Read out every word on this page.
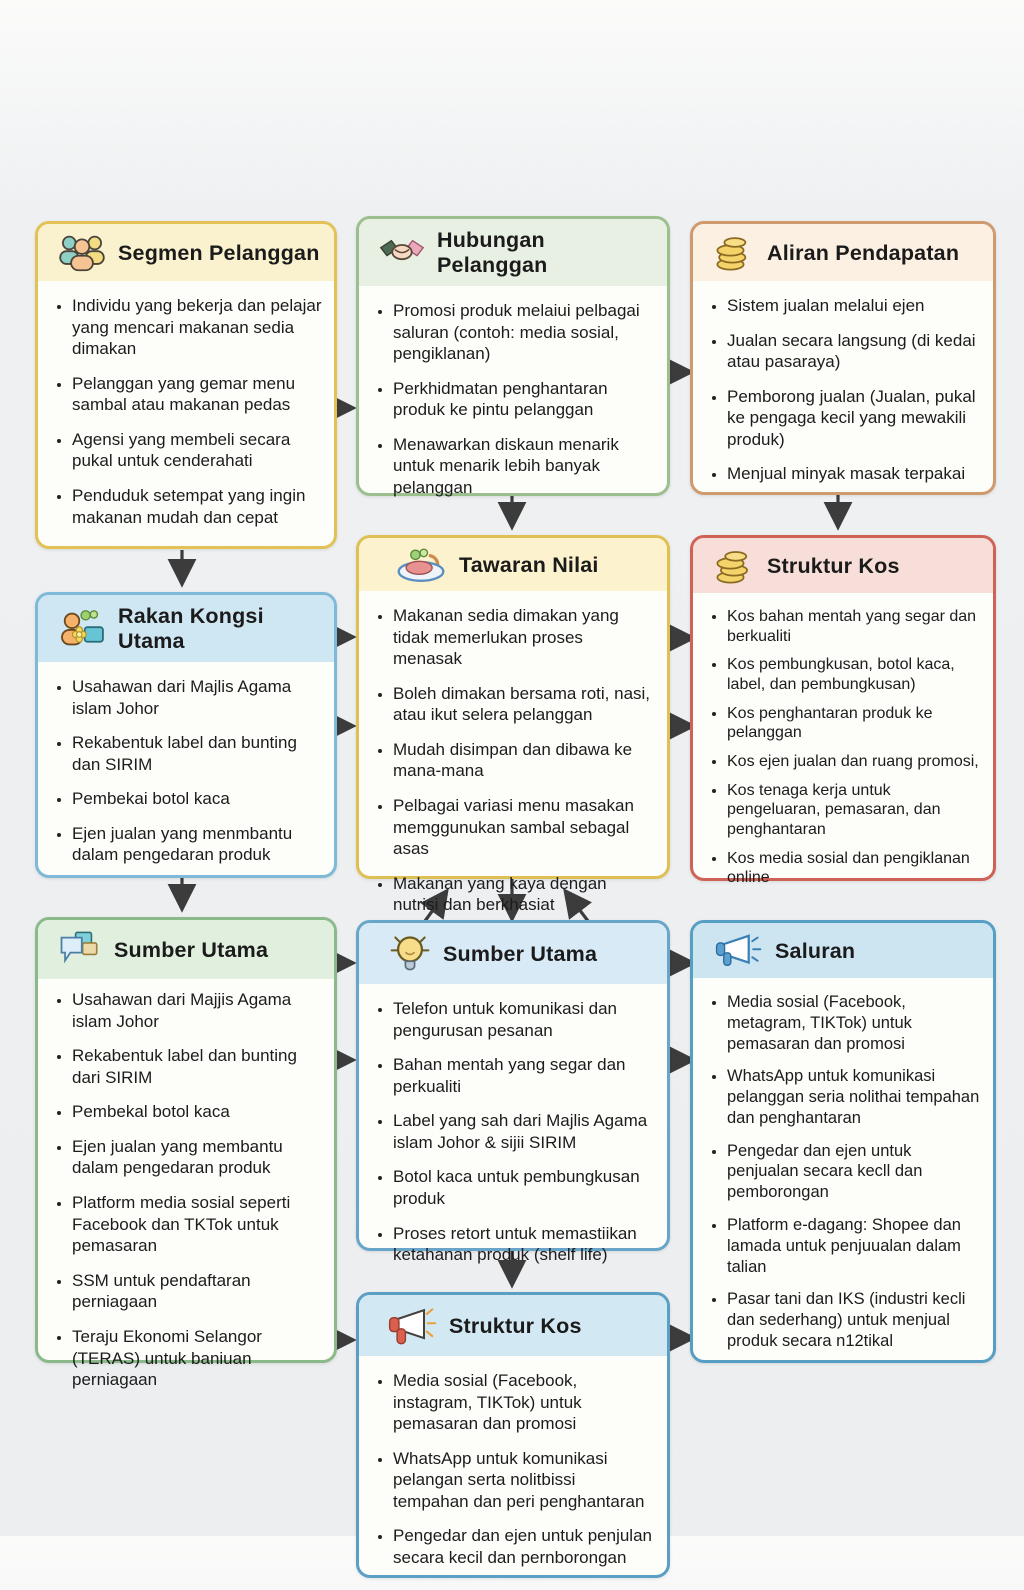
Segmen Pelanggan
• Individu yang bekerja dan pelajar yang mencari makanan sedia dimakan
• Pelanggan yang gemar menu sambal atau makanan pedas
• Agensi yang membeli secara pukal untuk cenderahati
• Penduduk setempat yang ingin makanan mudah dan cepat
Hubungan Pelanggan
• Promosi produk melaiui pelbagai saluran (contoh: media sosial, pengiklanan)
• Perkhidmatan penghantaran produk ke pintu pelanggan
• Menawarkan diskaun menarik untuk menarik lebih banyak pelanggan
Aliran Pendapatan
• Sistem jualan melalui ejen
• Jualan secara langsung (di kedai atau pasaraya)
• Pemborong jualan (Jualan, pukal ke pengaga kecil yang mewakili produk)
• Menjual minyak masak terpakai
Rakan Kongsi Utama
• Usahawan dari Majlis Agama islam Johor
• Rekabentuk label dan bunting dan SIRIM
• Pembekai botol kaca
• Ejen jualan yang menmbantu dalam pengedaran produk
Tawaran Nilai
• Makanan sedia dimakan yang tidak memerlukan proses menasak
• Boleh dimakan bersama roti, nasi, atau ikut selera pelanggan
• Mudah disimpan dan dibawa ke mana-mana
• Pelbagai variasi menu masakan memggunukan sambal sebagal asas
• Makanan yang kaya dengan nutrisi dan berkhasiat
Struktur Kos
• Kos bahan mentah yang segar dan berkualiti
• Kos pembungkusan, botol kaca, label, dan pembungkusan)
• Kos penghantaran produk ke pelanggan
• Kos ejen jualan dan ruang promosi,
• Kos tenaga kerja untuk pengeluaran, pemasaran, dan penghantaran
• Kos media sosial dan pengiklanan online
Sumber Utama
• Usahawan dari Majjis Agama islam Johor
• Rekabentuk label dan bunting dari SIRIM
• Pembekal botol kaca
• Ejen jualan yang membantu dalam pengedaran produk
• Platform media sosial seperti Facebook dan TKTok untuk pemasaran
• SSM untuk pendaftaran perniagaan
• Teraju Ekonomi Selangor (TERAS) untuk baniuan perniagaan
Sumber Utama
• Telefon untuk komunikasi dan pengurusan pesanan
• Bahan mentah yang segar dan perkualiti
• Label yang sah dari Majlis Agama islam Johor & sijii SIRIM
• Botol kaca untuk pembungkusan produk
• Proses retort untuk memastiikan ketahanan produk (shelf life)
Saluran
• Media sosial (Facebook, metagram, TIKTok) untuk pemasaran dan promosi
• WhatsApp untuk komunikasi pelanggan seria nolithai tempahan dan penghantaran
• Pengedar dan ejen untuk penjualan secara kecll dan pemborongan
• Platform e-dagang: Shopee dan lamada untuk penjuualan dalam talian
• Pasar tani dan IKS (industri kecli dan sederhang) untuk menjual produk secara n12tikal
Struktur Kos
• Media sosial (Facebook, instagram, TIKTok) untuk pemasaran dan promosi
• WhatsApp untuk komunikasi pelangan serta nolitbissi tempahan dan peri penghantaran
• Pengedar dan ejen untuk penjulan secara kecil dan pernborongan
